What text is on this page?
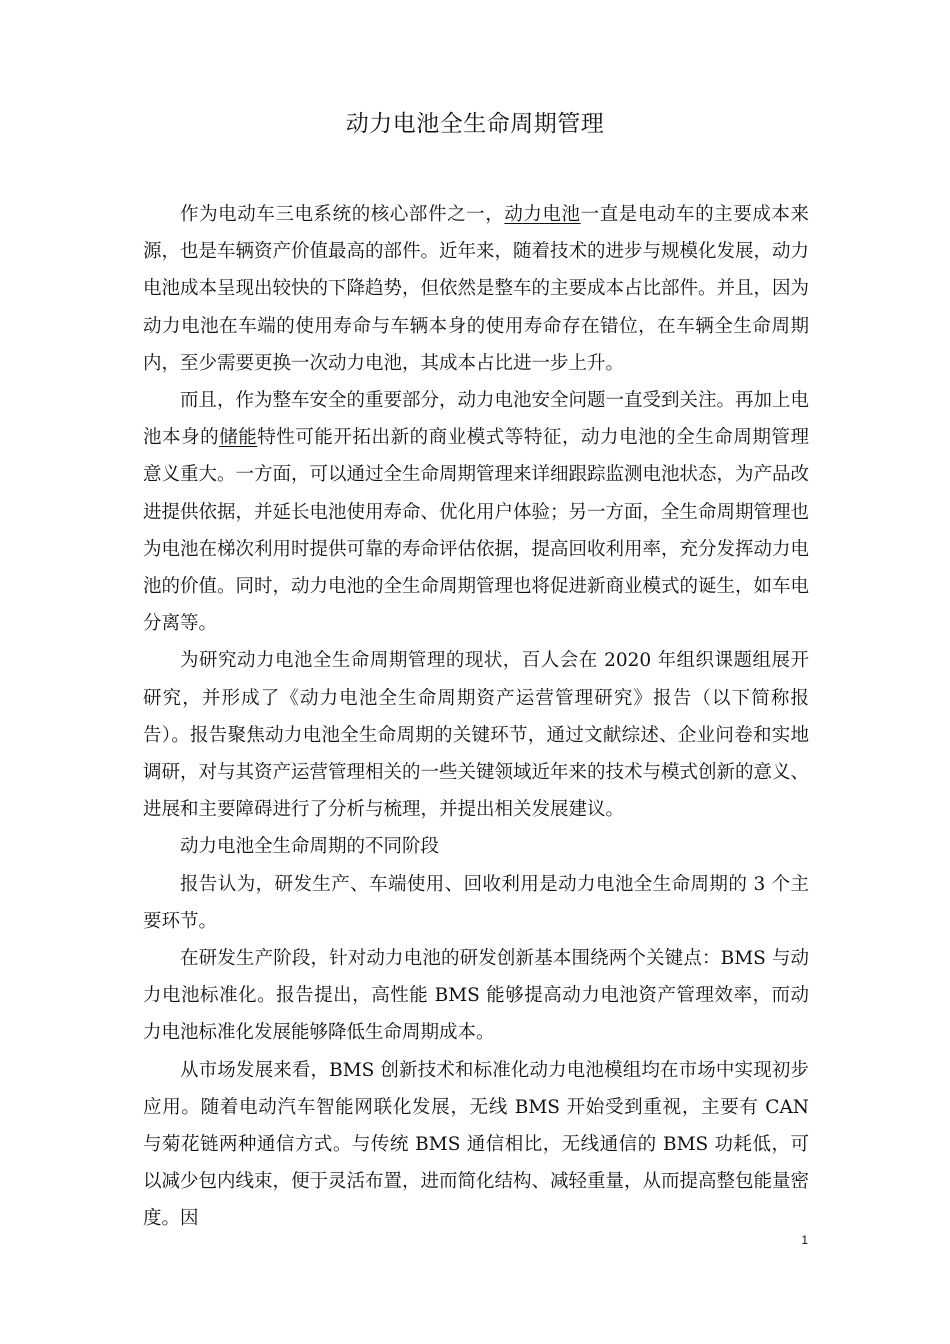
动力电池全生命周期管理

作为电动车三电系统的核心部件之一，动力电池一直是电动车的主要成本来源，也是车辆资产价值最高的部件。近年来，随着技术的进步与规模化发展，动力电池成本呈现出较快的下降趋势，但依然是整车的主要成本占比部件。并且，因为动力电池在车端的使用寿命与车辆本身的使用寿命存在错位，在车辆全生命周期内，至少需要更换一次动力电池，其成本占比进一步上升。

而且，作为整车安全的重要部分，动力电池安全问题一直受到关注。再加上电池本身的储能特性可能开拓出新的商业模式等特征，动力电池的全生命周期管理意义重大。一方面，可以通过全生命周期管理来详细跟踪监测电池状态，为产品改进提供依据，并延长电池使用寿命、优化用户体验；另一方面，全生命周期管理也为电池在梯次利用时提供可靠的寿命评估依据，提高回收利用率，充分发挥动力电池的价值。同时，动力电池的全生命周期管理也将促进新商业模式的诞生，如车电分离等。

为研究动力电池全生命周期管理的现状，百人会在 2020 年组织课题组展开研究，并形成了《动力电池全生命周期资产运营管理研究》报告（以下简称报告）。报告聚焦动力电池全生命周期的关键环节，通过文献综述、企业问卷和实地调研，对与其资产运营管理相关的一些关键领域近年来的技术与模式创新的意义、进展和主要障碍进行了分析与梳理，并提出相关发展建议。

动力电池全生命周期的不同阶段

报告认为，研发生产、车端使用、回收利用是动力电池全生命周期的 3 个主要环节。

在研发生产阶段，针对动力电池的研发创新基本围绕两个关键点：BMS 与动力电池标准化。报告提出，高性能 BMS 能够提高动力电池资产管理效率，而动力电池标准化发展能够降低生命周期成本。

从市场发展来看，BMS 创新技术和标准化动力电池模组均在市场中实现初步应用。随着电动汽车智能网联化发展，无线 BMS 开始受到重视，主要有 CAN 与菊花链两种通信方式。与传统 BMS 通信相比，无线通信的 BMS 功耗低，可以减少包内线束，便于灵活布置，进而简化结构、减轻重量，从而提高整包能量密度。因

1
